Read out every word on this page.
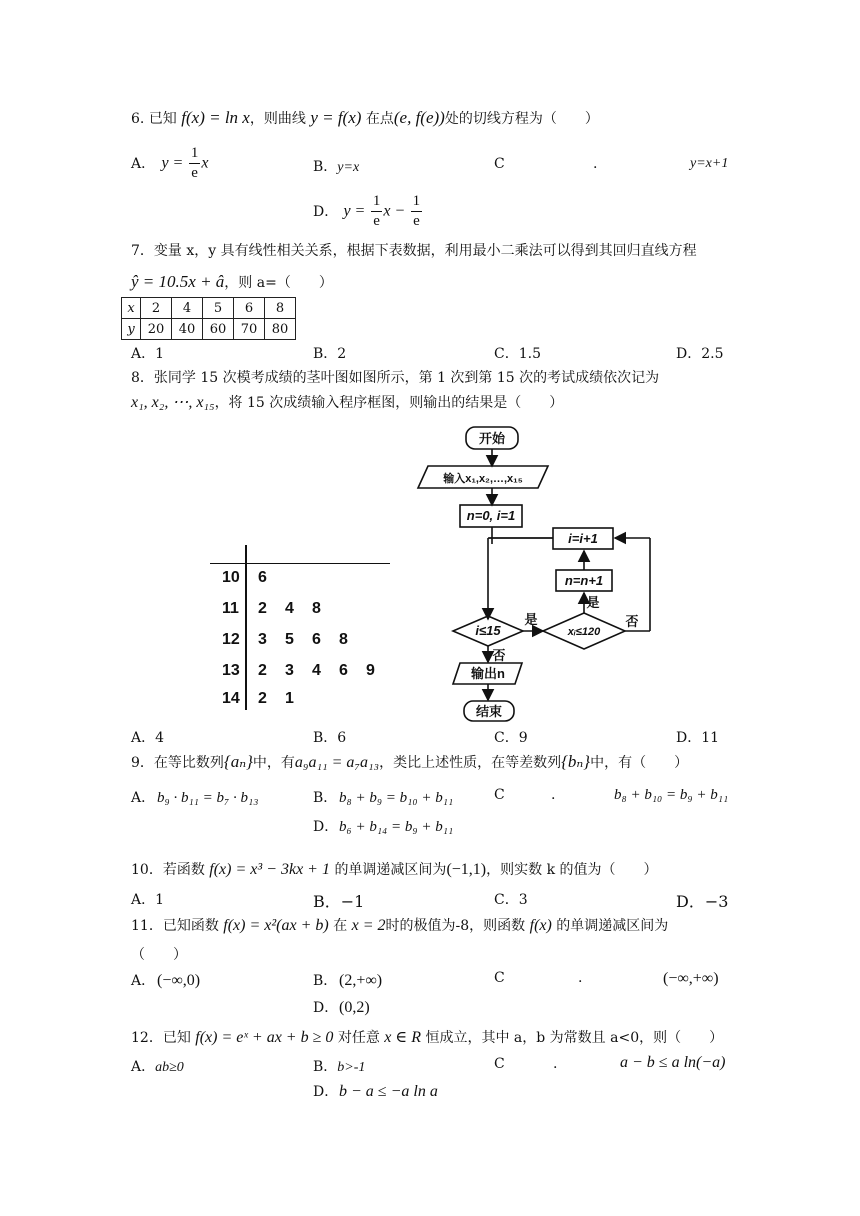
6. 已知 f(x) = ln x，则曲线 y = f(x) 在点(e, f(e))处的切线方程为（　　）
A． $y = \frac{1}{e}$ x	B．y=x	C	.	y=x+1
D． $y = \frac{1}{e}$ $x - \frac{1}{e}$
7．变量 x，y 具有线性相关关系，根据下表数据，利用最小二乘法可以得到其回归直线方程
ŷ = 10.5x + â，则 a=（　　）
x	2	4	5	6	8
y	20	40	60	70	80
A．1	B．2	C．1.5	D．2.5
8．张同学 15 次模考成绩的茎叶图如图所示，第 1 次到第 15 次的考试成绩依次记为
x₁, x₂, ⋯, x₁₅，将 15 次成绩输入程序框图，则输出的结果是（　　）
10 6
11 2 4 8
12 3 5 6 8
13 2 3 4 6 9
14 2 1
开始
输入x₁,x₂,…,x₁₅
n=0, i=1
i=i+1
n=n+1
i≤15	xᵢ≤120
是
是
否
否
输出n
结束
A．4	B．6	C．9	D．11
9．在等比数列{aₙ}中，有a₉a₁₁ = a₇a₁₃，类比上述性质，在等差数列{bₙ}中，有（　　）
A． b₉ · b₁₁ = b₇ · b₁₃	B． b₈ + b₉ = b₁₀ + b₁₁	C	.	b₈ + b₁₀ = b₉ + b₁₁
D．b₆ + b₁₄ = b₉ + b₁₁
10．若函数 f(x) = x³ − 3kx + 1 的单调递减区间为(−1,1)，则实数 k 的值为（　　）
A．1	B．−1	C．3	D．−3
11．已知函数 f(x) = x²(ax + b) 在 x = 2时的极值为-8，则函数 f(x) 的单调递减区间为
（　　）
A． (−∞,0)	B． (2,+∞)	C	.	(−∞,+∞)
D．(0,2)
12．已知 f(x) = eˣ + ax + b ≥ 0 对任意 x ∈ R 恒成立，其中 a，b 为常数且 a<0，则（　　）
A．ab≥0	B．b>-1	C	.	a − b ≤ a ln(−a)
D．b − a ≤ −a ln a
